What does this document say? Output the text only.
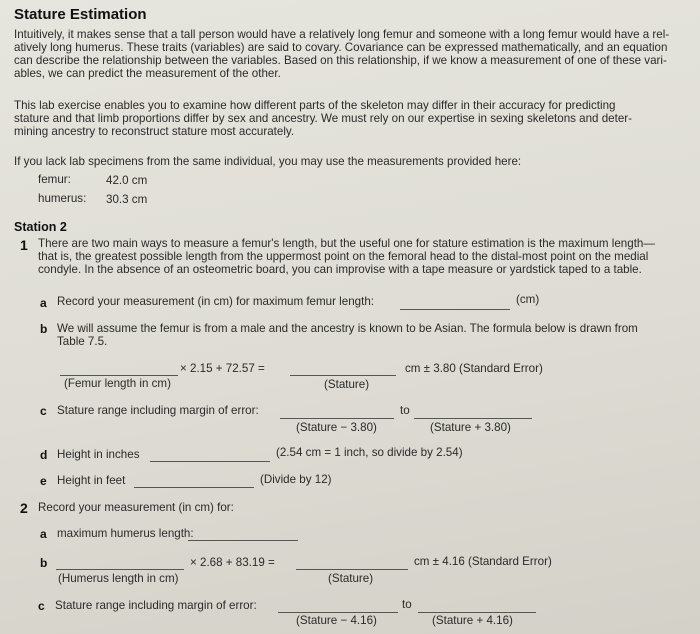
Stature Estimation
Intuitively, it makes sense that a tall person would have a relatively long femur and someone with a long femur would have a rel-
atively long humerus. These traits (variables) are said to covary. Covariance can be expressed mathematically, and an equation
can describe the relationship between the variables. Based on this relationship, if we know a measurement of one of these vari-
ables, we can predict the measurement of the other.
This lab exercise enables you to examine how different parts of the skeleton may differ in their accuracy for predicting
stature and that limb proportions differ by sex and ancestry. We must rely on our expertise in sexing skeletons and deter-
mining ancestry to reconstruct stature most accurately.
If you lack lab specimens from the same individual, you may use the measurements provided here:
femur:	42.0 cm
humerus: 30.3 cm
Station 2
1 There are two main ways to measure a femur's length, but the useful one for stature estimation is the maximum length—
that is, the greatest possible length from the uppermost point on the femoral head to the distal-most point on the medial
condyle. In the absence of an osteometric board, you can improvise with a tape measure or yardstick taped to a table.
a Record your measurement (in cm) for maximum femur length:	(cm)
b We will assume the femur is from a male and the ancestry is known to be Asian. The formula below is drawn from
Table 7.5.
× 2.15 + 72.57 =	cm ± 3.80 (Standard Error)
(Femur length in cm)	(Stature)
c Stature range including margin of error:	to
(Stature − 3.80)	(Stature + 3.80)
d Height in inches	(2.54 cm = 1 inch, so divide by 2.54)
e Height in feet	(Divide by 12)
2 Record your measurement (in cm) for:
a maximum humerus length:
b	× 2.68 + 83.19 =	cm ± 4.16 (Standard Error)
(Humerus length in cm)	(Stature)
c Stature range including margin of error:	to
(Stature − 4.16)	(Stature + 4.16)
